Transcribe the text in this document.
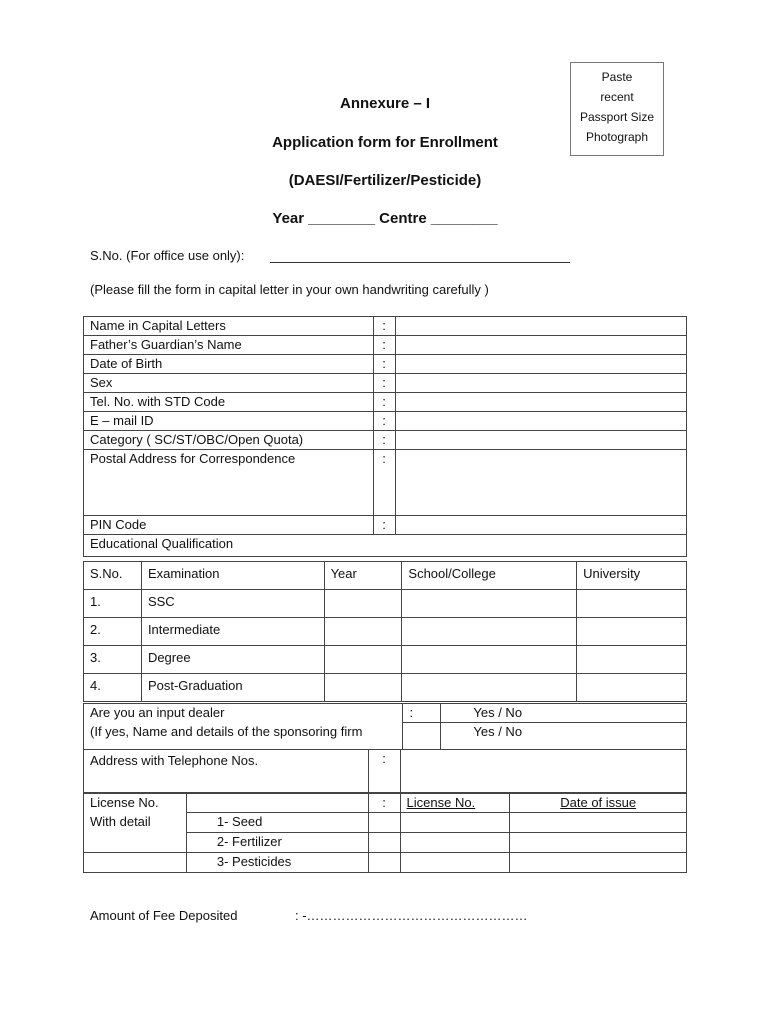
Paste
recent
Passport Size
Photograph
Annexure – I
Application form for Enrollment
(DAESI/Fertilizer/Pesticide)
Year ________ Centre ________
S.No. (For office use only):
(Please fill the form in capital letter in your own handwriting carefully )
Name in Capital Letters	:	
Father’s Guardian’s Name	:	
Date of Birth	:	
Sex	:	
Tel. No. with STD Code	:	
E – mail ID	:	
Category ( SC/ST/OBC/Open Quota)	:	
Postal Address for Correspondence	:	
PIN Code	:	
Educational Qualification		
S.No.	Examination	Year	School/College	University
1.	SSC			
2.	Intermediate			
3.	Degree			
4.	Post-Graduation			
Are you an input dealer	:	Yes / No
(If yes, Name and details of the sponsoring firm		Yes / No
Address with Telephone Nos.	:	
License No.		:	License No.	Date of issue
With detail	1- Seed			
	2- Fertilizer			
	3- Pesticides			
Amount of Fee Deposited	: -……………………………………………
